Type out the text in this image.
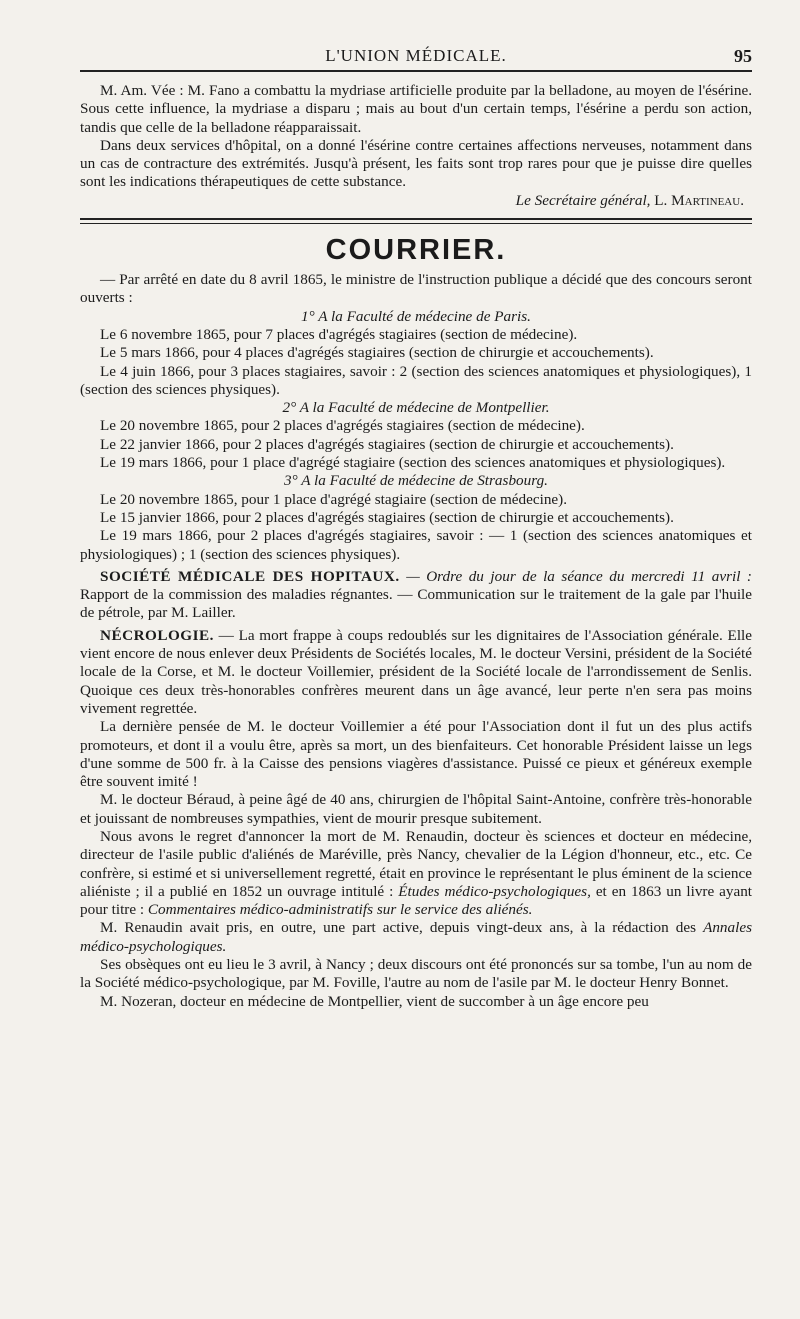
L'UNION MÉDICALE.	95

M. Am. Vée : M. Fano a combattu la mydriase artificielle produite par la belladone, au moyen de l'ésérine. Sous cette influence, la mydriase a disparu ; mais au bout d'un certain temps, l'ésérine a perdu son action, tandis que celle de la belladone réapparaissait.

Dans deux services d'hôpital, on a donné l'ésérine contre certaines affections nerveuses, notamment dans un cas de contracture des extrémités. Jusqu'à présent, les faits sont trop rares pour que je puisse dire quelles sont les indications thérapeutiques de cette substance.

Le Secrétaire général, L. Martineau.

COURRIER.

— Par arrêté en date du 8 avril 1865, le ministre de l'instruction publique a décidé que des concours seront ouverts :

1° A la Faculté de médecine de Paris.

Le 6 novembre 1865, pour 7 places d'agrégés stagiaires (section de médecine).

Le 5 mars 1866, pour 4 places d'agrégés stagiaires (section de chirurgie et accouchements).

Le 4 juin 1866, pour 3 places stagiaires, savoir : 2 (section des sciences anatomiques et physiologiques), 1 (section des sciences physiques).

2° A la Faculté de médecine de Montpellier.

Le 20 novembre 1865, pour 2 places d'agrégés stagiaires (section de médecine).

Le 22 janvier 1866, pour 2 places d'agrégés stagiaires (section de chirurgie et accouchements).

Le 19 mars 1866, pour 1 place d'agrégé stagiaire (section des sciences anatomiques et physiologiques).

3° A la Faculté de médecine de Strasbourg.

Le 20 novembre 1865, pour 1 place d'agrégé stagiaire (section de médecine).

Le 15 janvier 1866, pour 2 places d'agrégés stagiaires (section de chirurgie et accouchements).

Le 19 mars 1866, pour 2 places d'agrégés stagiaires, savoir : — 1 (section des sciences anatomiques et physiologiques) ; 1 (section des sciences physiques).

SOCIÉTÉ MÉDICALE DES HOPITAUX. — Ordre du jour de la séance du mercredi 11 avril : Rapport de la commission des maladies régnantes. — Communication sur le traitement de la gale par l'huile de pétrole, par M. Lailler.

NÉCROLOGIE. — La mort frappe à coups redoublés sur les dignitaires de l'Association générale. Elle vient encore de nous enlever deux Présidents de Sociétés locales, M. le docteur Versini, président de la Société locale de la Corse, et M. le docteur Voillemier, président de la Société locale de l'arrondissement de Senlis. Quoique ces deux très-honorables confrères meurent dans un âge avancé, leur perte n'en sera pas moins vivement regrettée.

La dernière pensée de M. le docteur Voillemier a été pour l'Association dont il fut un des plus actifs promoteurs, et dont il a voulu être, après sa mort, un des bienfaiteurs. Cet honorable Président laisse un legs d'une somme de 500 fr. à la Caisse des pensions viagères d'assistance. Puissé ce pieux et généreux exemple être souvent imité !

M. le docteur Béraud, à peine âgé de 40 ans, chirurgien de l'hôpital Saint-Antoine, confrère très-honorable et jouissant de nombreuses sympathies, vient de mourir presque subitement.

Nous avons le regret d'annoncer la mort de M. Renaudin, docteur ès sciences et docteur en médecine, directeur de l'asile public d'aliénés de Maréville, près Nancy, chevalier de la Légion d'honneur, etc., etc. Ce confrère, si estimé et si universellement regretté, était en province le représentant le plus éminent de la science aliéniste ; il a publié en 1852 un ouvrage intitulé : Études médico-psychologiques, et en 1863 un livre ayant pour titre : Commentaires médico-administratifs sur le service des aliénés.

M. Renaudin avait pris, en outre, une part active, depuis vingt-deux ans, à la rédaction des Annales médico-psychologiques.

Ses obsèques ont eu lieu le 3 avril, à Nancy ; deux discours ont été prononcés sur sa tombe, l'un au nom de la Société médico-psychologique, par M. Foville, l'autre au nom de l'asile par M. le docteur Henry Bonnet.

M. Nozeran, docteur en médecine de Montpellier, vient de succomber à un âge encore peu
